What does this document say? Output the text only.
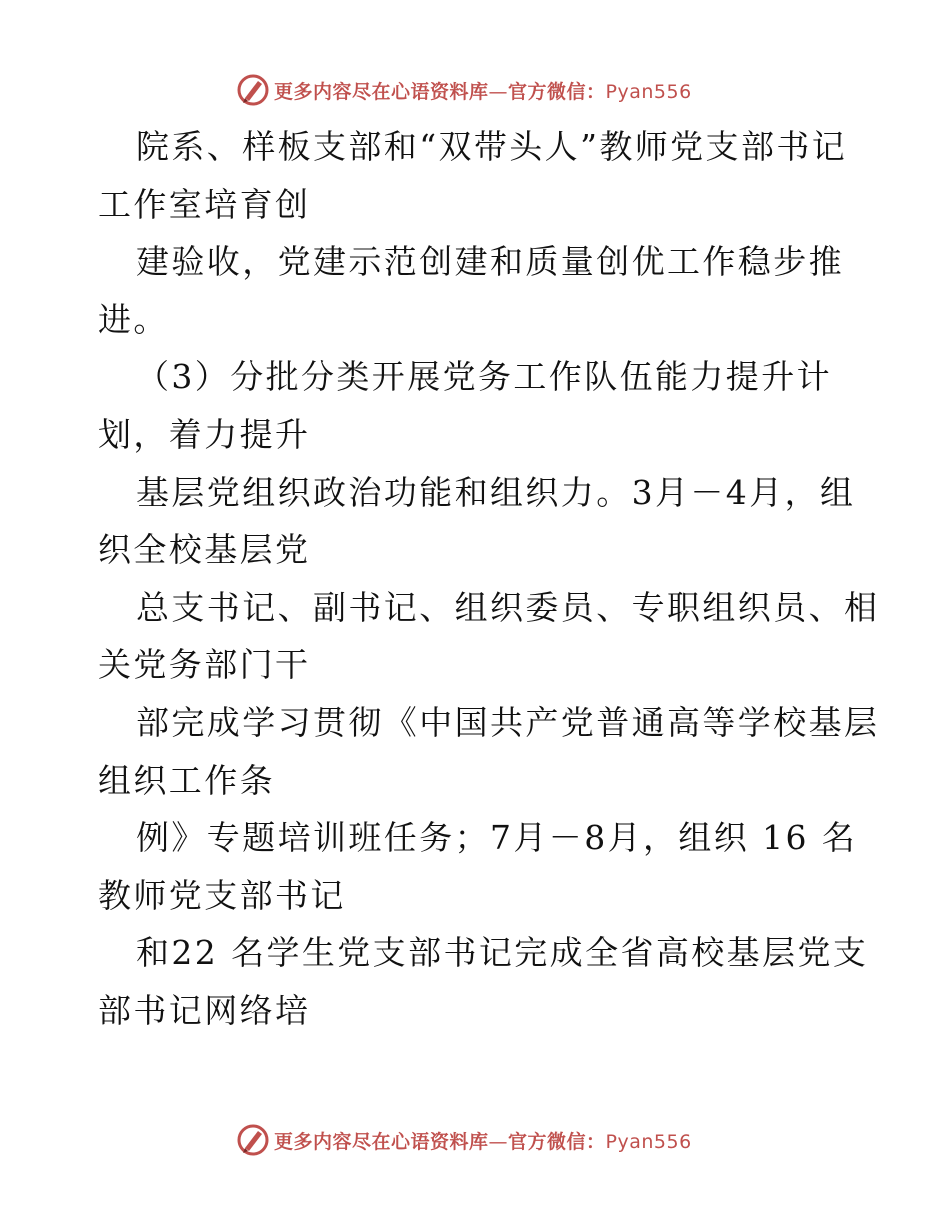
更多内容尽在心语资料库—官方微信：Pyan556
院系、样板支部和“双带头人”教师党支部书记
工作室培育创
建验收，党建示范创建和质量创优工作稳步推
进。
（3）分批分类开展党务工作队伍能力提升计
划，着力提升
基层党组织政治功能和组织力。3月－4月，组
织全校基层党
总支书记、副书记、组织委员、专职组织员、相
关党务部门干
部完成学习贯彻《中国共产党普通高等学校基层
组织工作条
例》专题培训班任务；7月－8月，组织 16 名
教师党支部书记
和22 名学生党支部书记完成全省高校基层党支
部书记网络培
更多内容尽在心语资料库—官方微信：Pyan556
